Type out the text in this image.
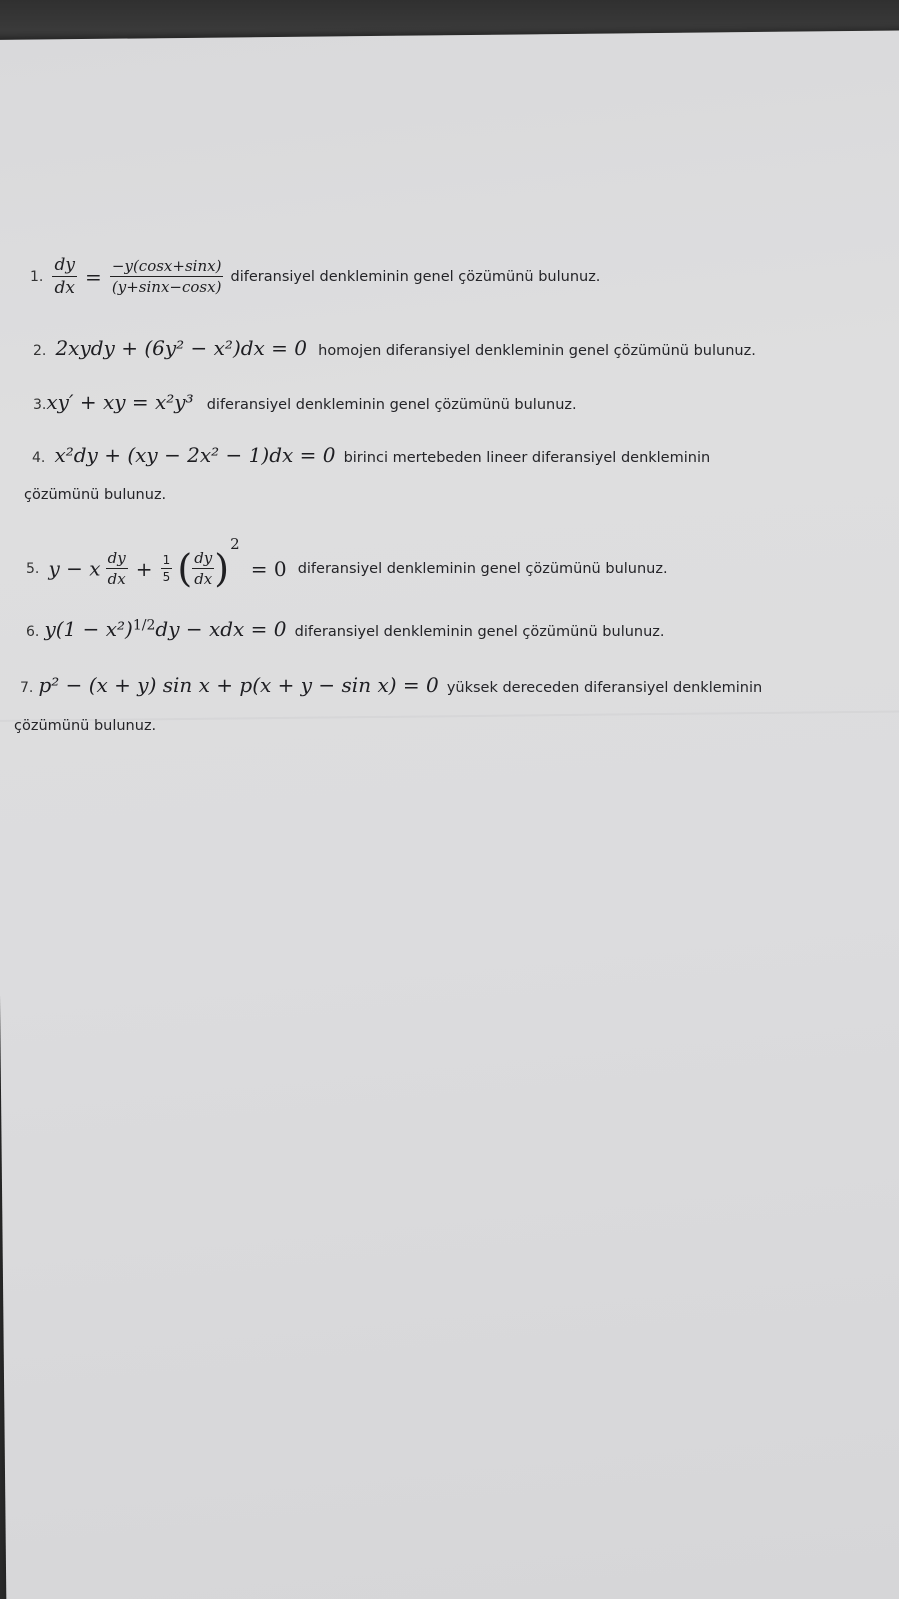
1. $\frac{dy}{dx} = \frac{-y(\cos x+\sin x)}{(y+\sin x-\cos x)}$ diferansiyel denkleminin genel çözümünü bulunuz.
2. 2xydy + (6y² − x²)dx = 0 homojen diferansiyel denkleminin genel çözümünü bulunuz.
3.xy′ + xy = x²y³ diferansiyel denkleminin genel çözümünü bulunuz.
4. x²dy + (xy − 2x² − 1)dx = 0 birinci mertebeden lineer diferansiyel denkleminin
çözümünü bulunuz.
5. y − x $\frac{dy}{dx} + \frac{1}{5}$ ( $\frac{dy}{dx} )^2 = 0$ diferansiyel denkleminin genel çözümünü bulunuz.
6. $y(1 - x^2)^{1/2}dy$ − xdx = 0 diferansiyel denkleminin genel çözümünü bulunuz.
7. p² − (x + y) sin x + p(x + y − sin x) = 0 yüksek dereceden diferansiyel denkleminin
çözümünü bulunuz.
